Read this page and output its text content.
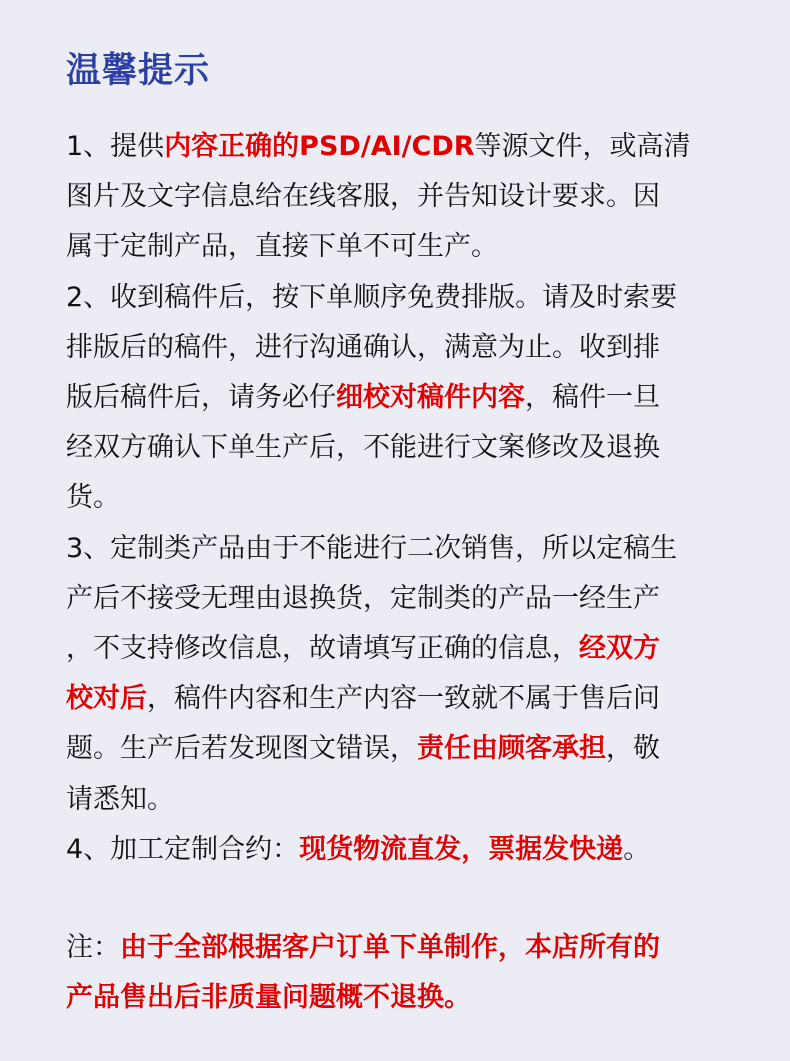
温馨提示
1、提供内容正确的PSD/AI/CDR等源文件，或高清
图片及文字信息给在线客服，并告知设计要求。因
属于定制产品，直接下单不可生产。
2、收到稿件后，按下单顺序免费排版。请及时索要
排版后的稿件，进行沟通确认，满意为止。收到排
版后稿件后，请务必仔细校对稿件内容，稿件一旦
经双方确认下单生产后，不能进行文案修改及退换
货。
3、定制类产品由于不能进行二次销售，所以定稿生
产后不接受无理由退换货，定制类的产品一经生产
，不支持修改信息，故请填写正确的信息，经双方
校对后，稿件内容和生产内容一致就不属于售后问
题。生产后若发现图文错误，责任由顾客承担，敬
请悉知。
4、加工定制合约：现货物流直发，票据发快递。
注：由于全部根据客户订单下单制作，本店所有的
产品售出后非质量问题概不退换。
